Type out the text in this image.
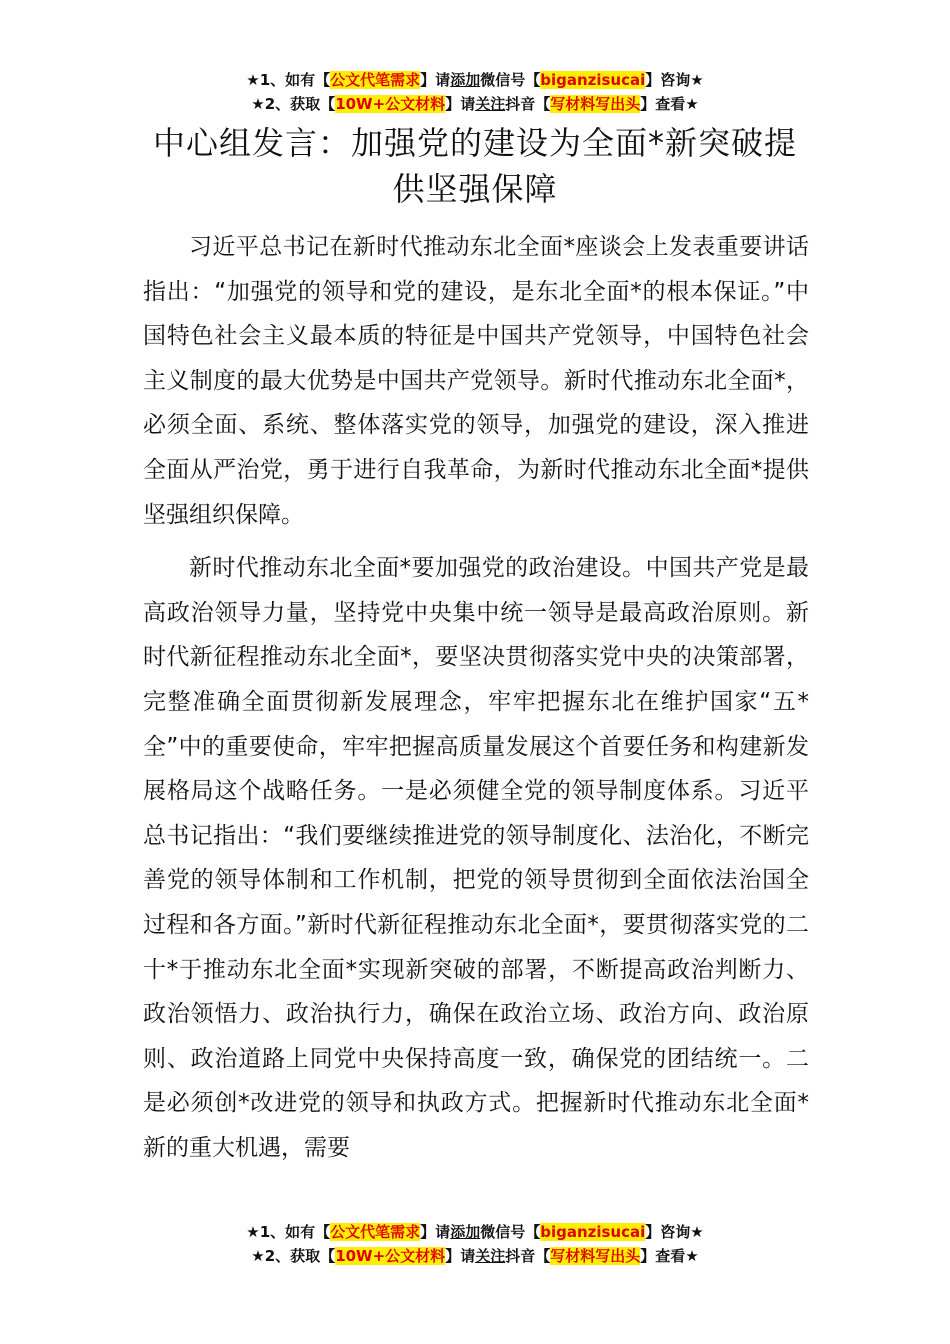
★1、如有【公文代笔需求】请添加微信号【biganzisucai】咨询★
★2、获取【10W+公文材料】请关注抖音【写材料写出头】查看★
中心组发言：加强党的建设为全面*新突破提供坚强保障

习近平总书记在新时代推动东北全面*座谈会上发表重要讲话指出：“加强党的领导和党的建设，是东北全面*的根本保证。”中国特色社会主义最本质的特征是中国共产党领导，中国特色社会主义制度的最大优势是中国共产党领导。新时代推动东北全面*，必须全面、系统、整体落实党的领导，加强党的建设，深入推进全面从严治党，勇于进行自我革命，为新时代推动东北全面*提供坚强组织保障。

新时代推动东北全面*要加强党的政治建设。中国共产党是最高政治领导力量，坚持党中央集中统一领导是最高政治原则。新时代新征程推动东北全面*，要坚决贯彻落实党中央的决策部署，完整准确全面贯彻新发展理念，牢牢把握东北在维护国家“五*全”中的重要使命，牢牢把握高质量发展这个首要任务和构建新发展格局这个战略任务。一是必须健全党的领导制度体系。习近平总书记指出：“我们要继续推进党的领导制度化、法治化，不断完善党的领导体制和工作机制，把党的领导贯彻到全面依法治国全过程和各方面。”新时代新征程推动东北全面*，要贯彻落实党的二十*于推动东北全面*实现新突破的部署，不断提高政治判断力、政治领悟力、政治执行力，确保在政治立场、政治方向、政治原则、政治道路上同党中央保持高度一致，确保党的团结统一。二是必须创*改进党的领导和执政方式。把握新时代推动东北全面*新的重大机遇，需要

★1、如有【公文代笔需求】请添加微信号【biganzisucai】咨询★
★2、获取【10W+公文材料】请关注抖音【写材料写出头】查看★
